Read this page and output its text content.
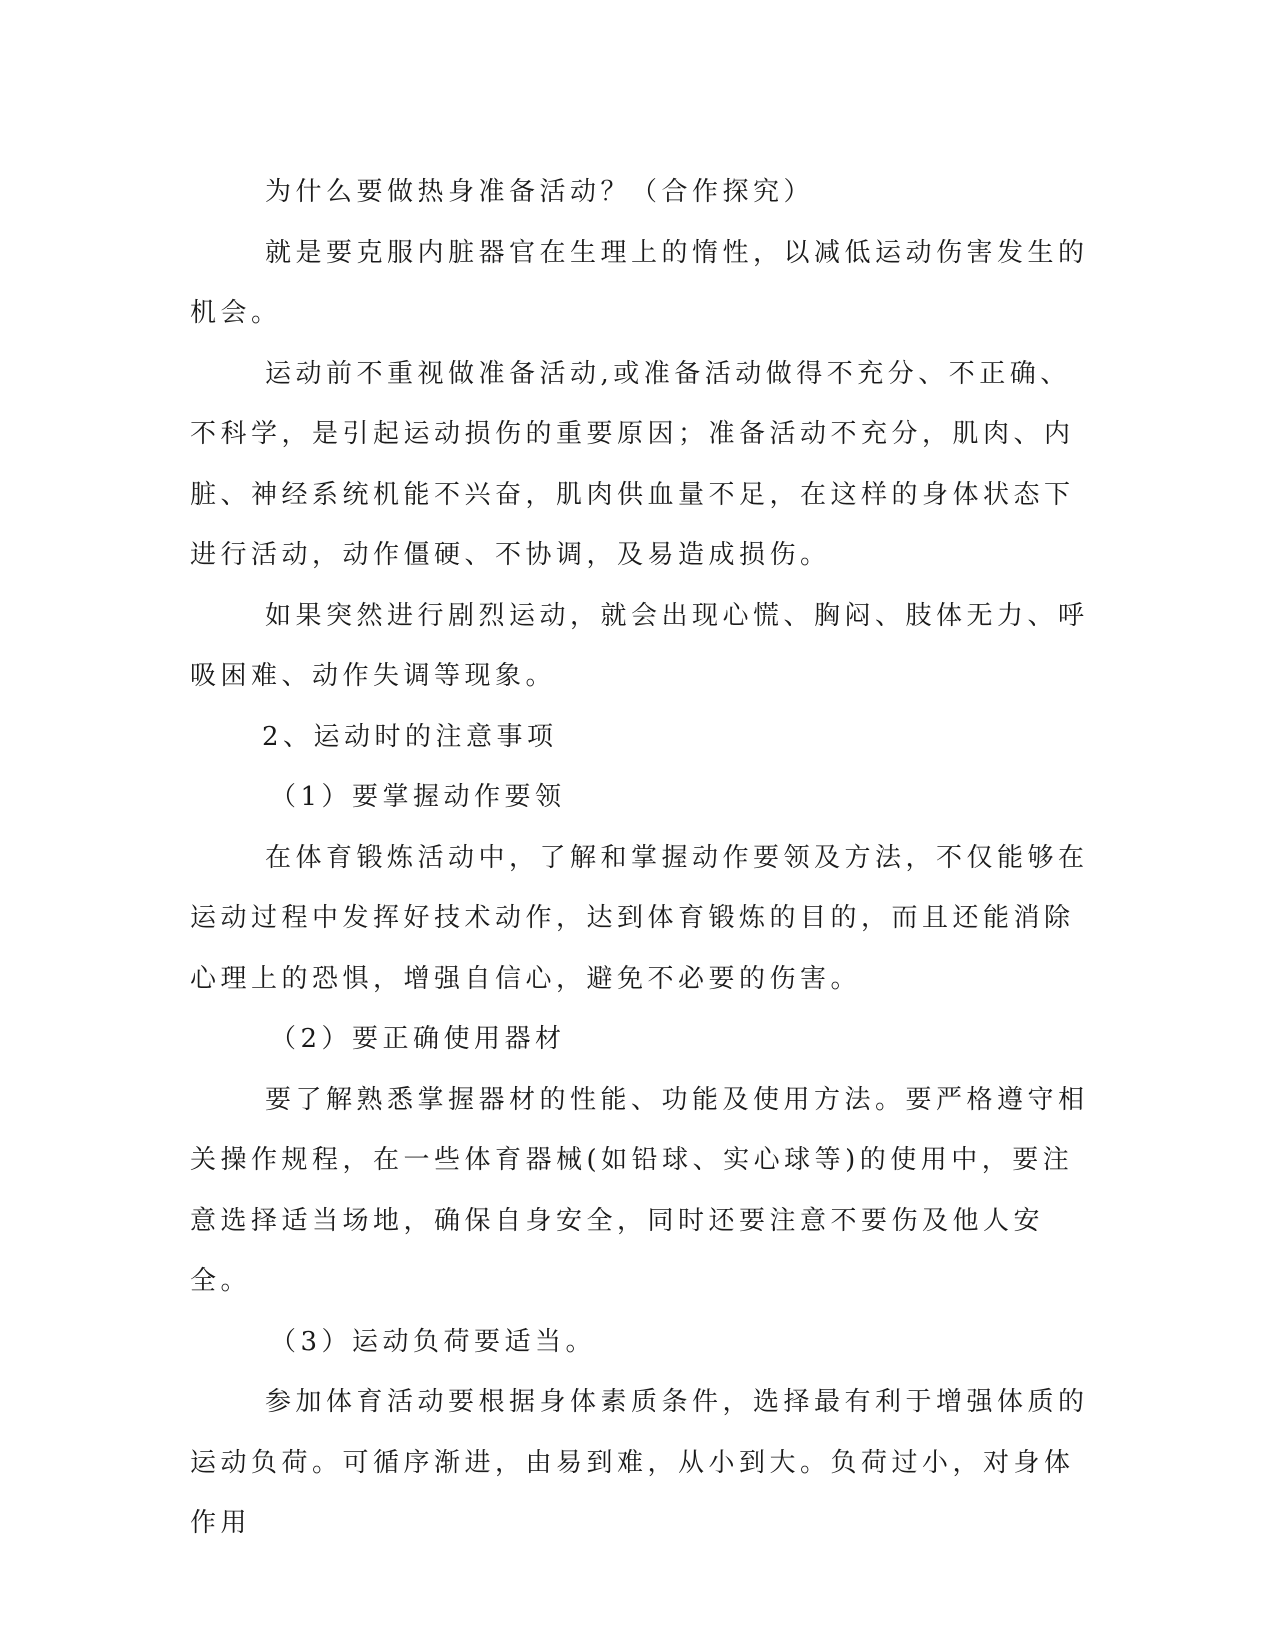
为什么要做热身准备活动？（合作探究）

就是要克服内脏器官在生理上的惰性，以减低运动伤害发生的机会。

运动前不重视做准备活动,或准备活动做得不充分、不正确、不科学，是引起运动损伤的重要原因；准备活动不充分，肌肉、内脏、神经系统机能不兴奋，肌肉供血量不足，在这样的身体状态下进行活动，动作僵硬、不协调，及易造成损伤。

如果突然进行剧烈运动，就会出现心慌、胸闷、肢体无力、呼吸困难、动作失调等现象。

2、运动时的注意事项

（1）要掌握动作要领

在体育锻炼活动中，了解和掌握动作要领及方法，不仅能够在运动过程中发挥好技术动作，达到体育锻炼的目的，而且还能消除心理上的恐惧，增强自信心，避免不必要的伤害。

（2）要正确使用器材

要了解熟悉掌握器材的性能、功能及使用方法。要严格遵守相关操作规程，在一些体育器械(如铅球、实心球等)的使用中，要注意选择适当场地，确保自身安全，同时还要注意不要伤及他人安全。

（3）运动负荷要适当。

参加体育活动要根据身体素质条件，选择最有利于增强体质的运动负荷。可循序渐进，由易到难，从小到大。负荷过小，对身体作用
